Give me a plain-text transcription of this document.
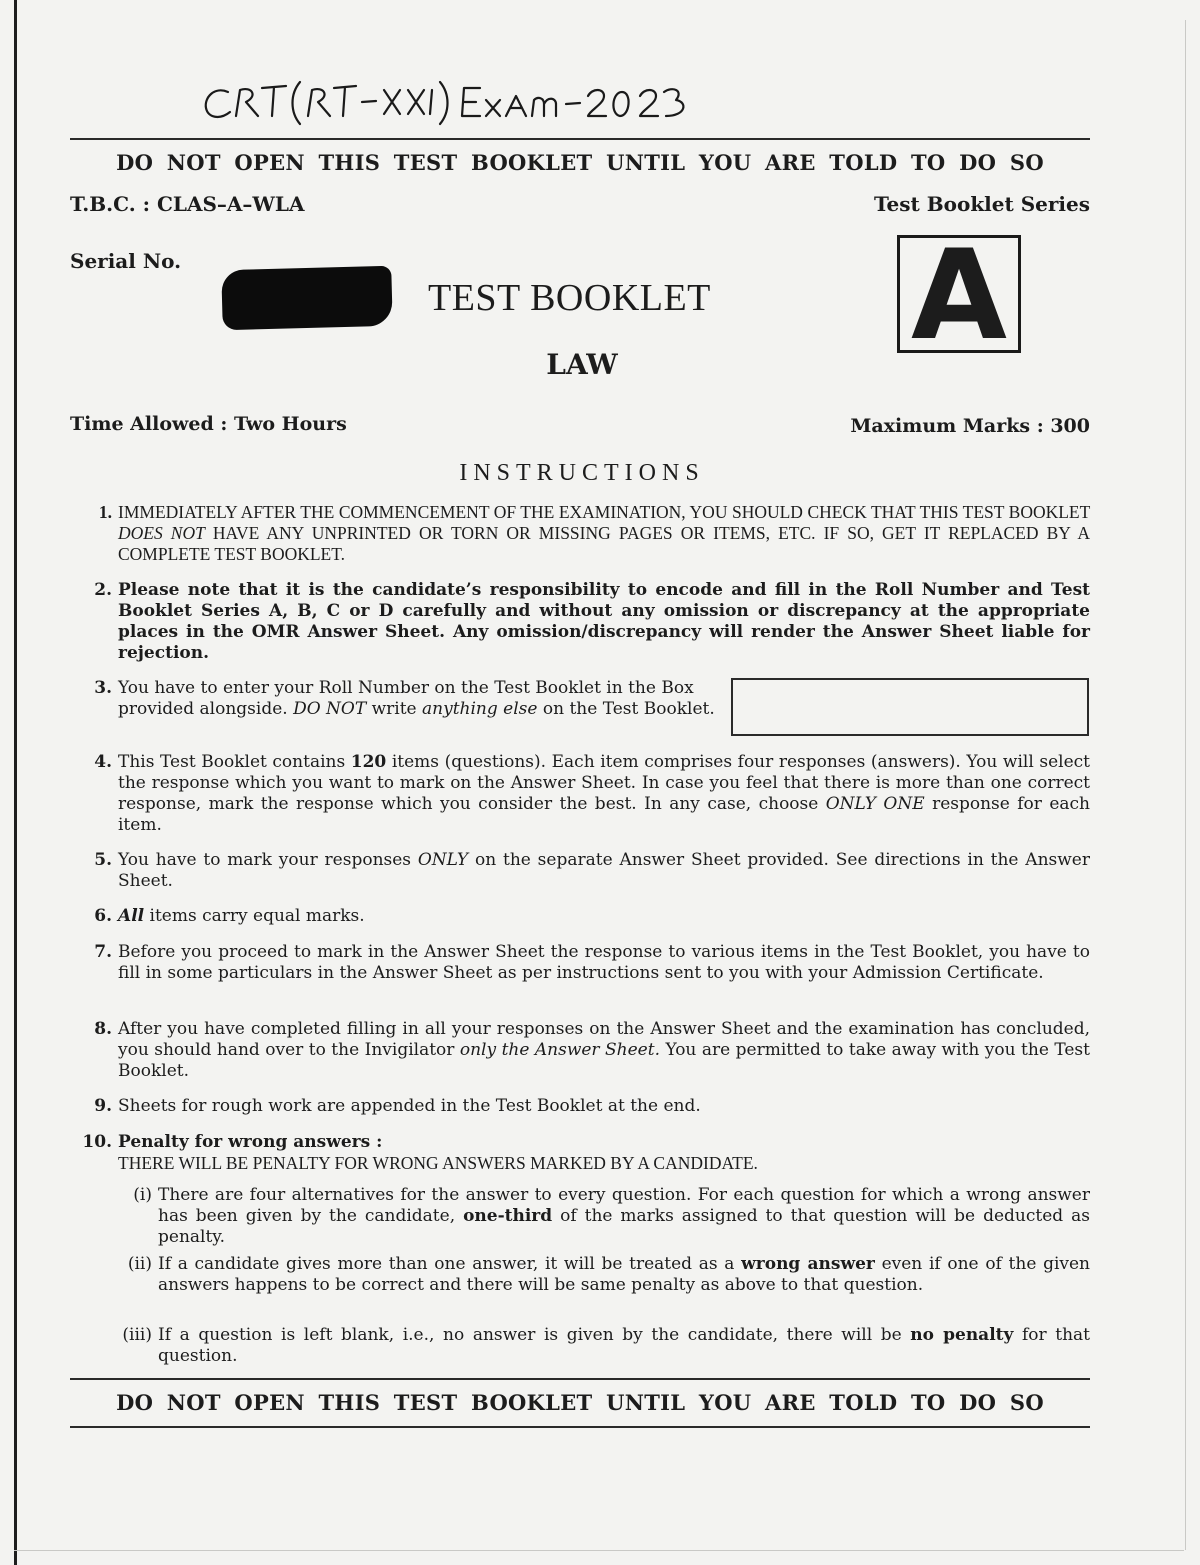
DO NOT OPEN THIS TEST BOOKLET UNTIL YOU ARE TOLD TO DO SO
T.B.C. : CLAS–A–WLA	Test Booklet Series
Serial No.
TEST BOOKLET A
LAW
Time Allowed : Two Hours	Maximum Marks : 300
INSTRUCTIONS
1. IMMEDIATELY AFTER THE COMMENCEMENT OF THE EXAMINATION, YOU SHOULD CHECK THAT THIS TEST BOOKLET DOES NOT HAVE ANY UNPRINTED OR TORN OR MISSING PAGES OR ITEMS, ETC. IF SO, GET IT REPLACED BY A COMPLETE TEST BOOKLET.
2. Please note that it is the candidate’s responsibility to encode and fill in the Roll Number and Test Booklet Series A, B, C or D carefully and without any omission or discrepancy at the appropriate places in the OMR Answer Sheet. Any omission/discrepancy will render the Answer Sheet liable for rejection.
3. You have to enter your Roll Number on the Test Booklet in the Box provided alongside. DO NOT write anything else on the Test Booklet.
4. This Test Booklet contains 120 items (questions). Each item comprises four responses (answers). You will select the response which you want to mark on the Answer Sheet. In case you feel that there is more than one correct response, mark the response which you consider the best. In any case, choose ONLY ONE response for each item.
5. You have to mark your responses ONLY on the separate Answer Sheet provided. See directions in the Answer Sheet.
6. All items carry equal marks.
7. Before you proceed to mark in the Answer Sheet the response to various items in the Test Booklet, you have to fill in some particulars in the Answer Sheet as per instructions sent to you with your Admission Certificate.
8. After you have completed filling in all your responses on the Answer Sheet and the examination has concluded, you should hand over to the Invigilator only the Answer Sheet. You are permitted to take away with you the Test Booklet.
9. Sheets for rough work are appended in the Test Booklet at the end.
10. Penalty for wrong answers :
THERE WILL BE PENALTY FOR WRONG ANSWERS MARKED BY A CANDIDATE.
(i) There are four alternatives for the answer to every question. For each question for which a wrong answer has been given by the candidate, one-third of the marks assigned to that question will be deducted as penalty.
(ii) If a candidate gives more than one answer, it will be treated as a wrong answer even if one of the given answers happens to be correct and there will be same penalty as above to that question.
(iii) If a question is left blank, i.e., no answer is given by the candidate, there will be no penalty for that question.
DO NOT OPEN THIS TEST BOOKLET UNTIL YOU ARE TOLD TO DO SO
